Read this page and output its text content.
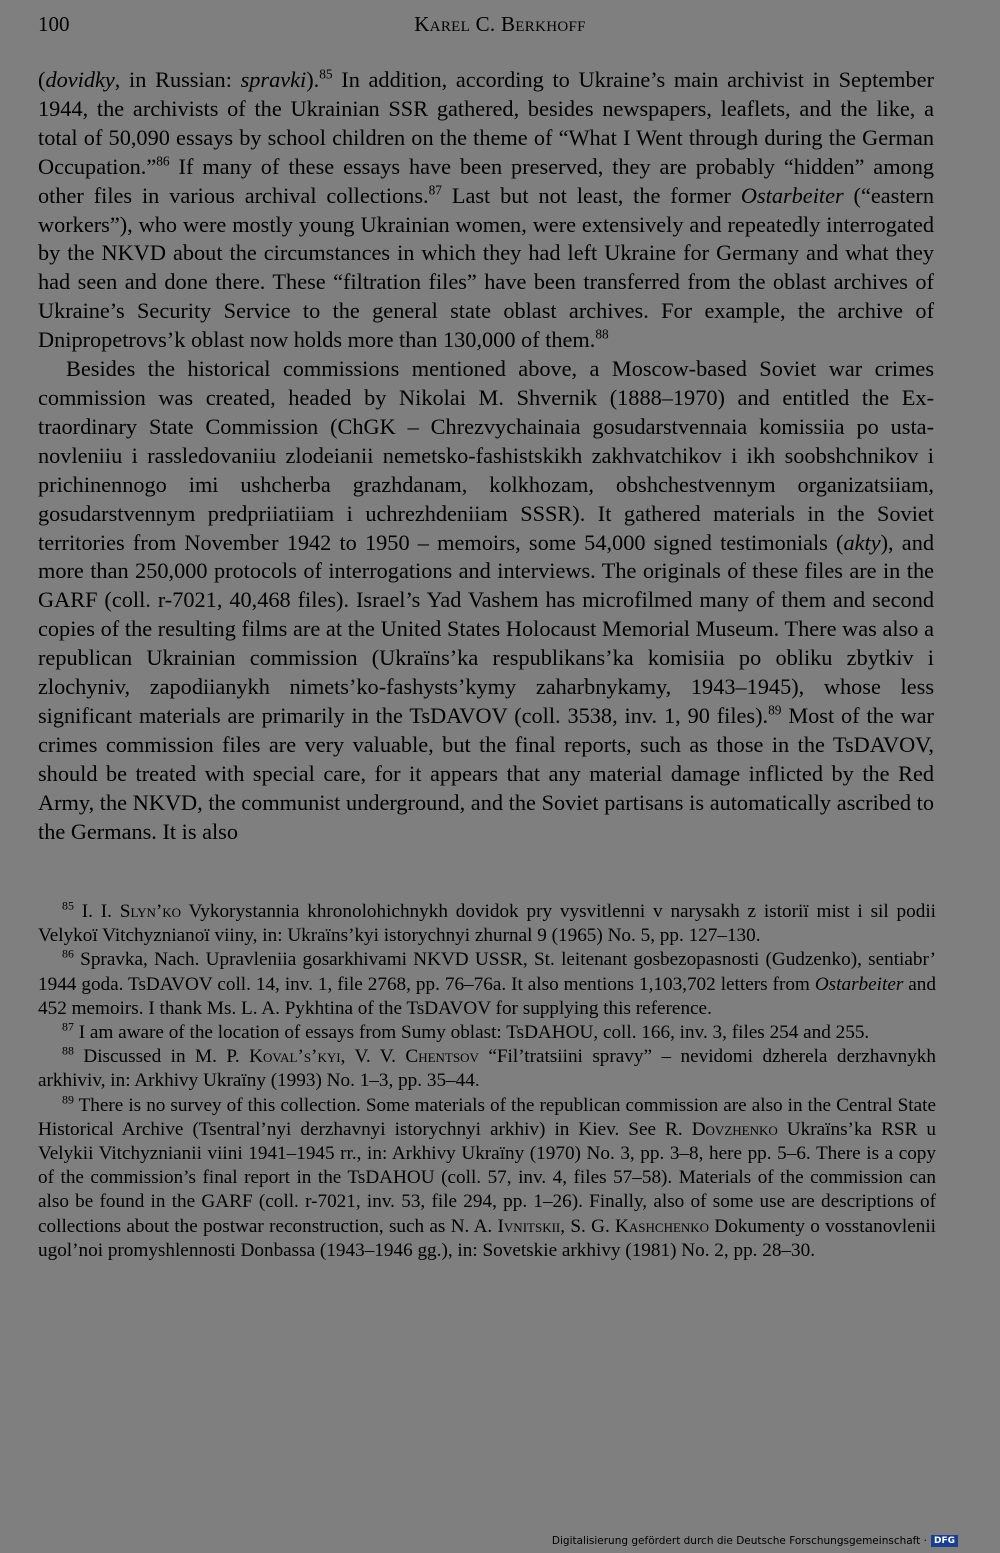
100	Karel C. Berkhoff

(dovidky, in Russian: spravki).$^{85}$ In addition, according to Ukraine’s main archivist in September 1944, the archivists of the Ukrainian SSR gathered, besides newspapers, leaflets, and the like, a total of 50,090 essays by school children on the theme of “What I Went through during the German Occupation.”$^{86}$ If many of these essays have been preserved, they are probably “hidden” among other files in various archival collections.$^{87}$ Last but not least, the former Ostarbeiter (“eastern workers”), who were mostly young Ukrainian women, were extensively and repeatedly interrogated by the NKVD about the circumstances in which they had left Ukraine for Germany and what they had seen and done there. These “filtration files” have been transferred from the oblast archives of Ukraine’s Security Service to the general state oblast archives. For example, the archive of Dnipropetrovs’k oblast now holds more than 130,000 of them.$^{88}$

Besides the historical commissions mentioned above, a Moscow-based Soviet war crimes commission was created, headed by Nikolai M. Shvernik (1888–1970) and entitled the Extraordinary State Commission (ChGK – Chrezvychainaia gosudarstvennaia komissiia po ustanovleniiu i rassledovaniiu zlodeianii nemetsko-fashistskikh zakhvatchikov i ikh soobshchnikov i prichinennogo imi ushcherba grazhdanam, kolkhozam, obshchestvennym organizatsiiam, gosudarstvennym predpriiatiiam i uchrezhdeniiam SSSR). It gathered materials in the Soviet territories from November 1942 to 1950 – memoirs, some 54,000 signed testimonials (akty), and more than 250,000 protocols of interrogations and interviews. The originals of these files are in the GARF (coll. r-7021, 40,468 files). Israel’s Yad Vashem has microfilmed many of them and second copies of the resulting films are at the United States Holocaust Memorial Museum. There was also a republican Ukrainian commission (Ukraïns’ka respublikans’ka komisiia po obliku zbytkiv i zlochyniv, zapodiianykh nimets’ko-fashysts’kymy zaharbnykamy, 1943–1945), whose less significant materials are primarily in the TsDAVOV (coll. 3538, inv. 1, 90 files).$^{89}$ Most of the war crimes commission files are very valuable, but the final reports, such as those in the TsDAVOV, should be treated with special care, for it appears that any material damage inflicted by the Red Army, the NKVD, the communist underground, and the Soviet partisans is automatically ascribed to the Germans. It is also

$^{85}$ I. I. Slyn’ko Vykorystannia khronolohichnykh dovidok pry vysvitlenni v narysakh z istoriï mist i sil podii Velykoï Vitchyznianoï viiny, in: Ukraïns’kyi istorychnyi zhurnal 9 (1965) No. 5, pp. 127–130.

$^{86}$ Spravka, Nach. Upravleniia gosarkhivami NKVD USSR, St. leitenant gosbezopasnosti (Gudzenko), sentiabr’ 1944 goda. TsDAVOV coll. 14, inv. 1, file 2768, pp. 76–76a. It also mentions 1,103,702 letters from Ostarbeiter and 452 memoirs. I thank Ms. L. A. Pykhtina of the TsDAVOV for supplying this reference.

$^{87}$ I am aware of the location of essays from Sumy oblast: TsDAHOU, coll. 166, inv. 3, files 254 and 255.

$^{88}$ Discussed in M. P. Koval’s’kyi, V. V. Chentsov “Fil’tratsiini spravy” – nevidomi dzherela derzhavnykh arkhiviv, in: Arkhivy Ukraïny (1993) No. 1–3, pp. 35–44.

$^{89}$ There is no survey of this collection. Some materials of the republican commission are also in the Central State Historical Archive (Tsentral’nyi derzhavnyi istorychnyi arkhiv) in Kiev. See R. Dovzhenko Ukraïns’ka RSR u Velykii Vitchyznianii viini 1941–1945 rr., in: Arkhivy Ukraïny (1970) No. 3, pp. 3–8, here pp. 5–6. There is a copy of the commission’s final report in the TsDAHOU (coll. 57, inv. 4, files 57–58). Materials of the commission can also be found in the GARF (coll. r-7021, inv. 53, file 294, pp. 1–26). Finally, also of some use are descriptions of collections about the postwar reconstruction, such as N. A. Ivnitskii, S. G. Kashchenko Dokumenty o vosstanovlenii ugol’noi promyshlennosti Donbassa (1943–1946 gg.), in: Sovetskie arkhivy (1981) No. 2, pp. 28–30.

Digitalisierung gefördert durch die Deutsche Forschungsgemeinschaft · DFG
